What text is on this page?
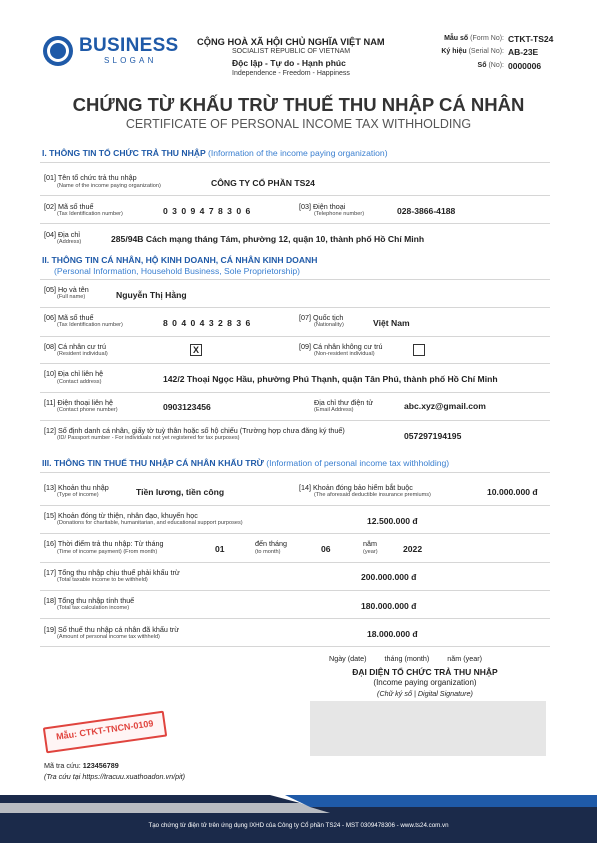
BUSINESS
SLOGAN
CỘNG HOÀ XÃ HỘI CHỦ NGHĨA VIỆT NAM
SOCIALIST REPUBLIC OF VIETNAM
Độc lập - Tự do - Hạnh phúc
Independence - Freedom - Happiness
Mẫu số (Form No): CTKT-TS24
Ký hiệu (Serial No): AB-23E
Số (No): 0000006
CHỨNG TỪ KHẤU TRỪ THUẾ THU NHẬP CÁ NHÂN
CERTIFICATE OF PERSONAL INCOME TAX WITHHOLDING
I. THÔNG TIN TỔ CHỨC TRẢ THU NHẬP (Information of the income paying organization)
[01] Tên tổ chức trả thu nhập
(Name of the income paying organization)	CÔNG TY CỔ PHẦN TS24
[02] Mã số thuế
(Tax Identification number)	0 3 0 9 4 7 8 3 0 6	[03] Điện thoại
(Telephone number)	028-3866-4188
[04] Địa chỉ
(Address)	285/94B Cách mạng tháng Tám, phường 12, quận 10, thành phố Hồ Chí Minh
II. THÔNG TIN CÁ NHÂN, HỘ KINH DOANH, CÁ NHÂN KINH DOANH
(Personal Information, Household Business, Sole Proprietorship)
[05] Họ và tên
(Full name)	Nguyễn Thị Hằng
[06] Mã số thuế
(Tax Identification number)	8 0 4 0 4 3 2 8 3 6
[07] Quốc tịch
(Nationality)	Việt Nam
[08] Cá nhân cư trú
(Resident individual)	X	[09] Cá nhân không cư trú
(Non-resident individual)
[10] Địa chỉ liên hệ
(Contact address)	142/2 Thoại Ngọc Hầu, phường Phú Thạnh, quận Tân Phú, thành phố Hồ Chí Minh
[11] Điện thoại liên hệ
(Contact phone number)	0903123456	Địa chỉ thư điện tử
(Email Address)	abc.xyz@gmail.com
[12] Số định danh cá nhân, giấy tờ tuỳ thân hoặc số hộ chiếu (Trường hợp chưa đăng ký thuế)
(ID/ Passport number - For individuals not yet registered for tax purposes)	057297194195
III. THÔNG TIN THUẾ THU NHẬP CÁ NHÂN KHẤU TRỪ (Information of personal income tax withholding)
[13] Khoản thu nhập
(Type of income)	Tiền lương, tiền công	[14] Khoản đóng bảo hiểm bắt buộc
(The aforesaid deductible insurance premiums)	10.000.000 đ
[15] Khoản đóng từ thiện, nhân đạo, khuyến học
(Donations for charitable, humanitarian, and educational support purposes)	12.500.000 đ
[16] Thời điểm trả thu nhập: Từ tháng
(Time of income payment) (From month)	01
đến tháng
(to month)	06
năm
(year)	2022
[17] Tổng thu nhập chịu thuế phải khấu trừ
(Total taxable income to be withheld)	200.000.000 đ
[18] Tổng thu nhập tính thuế
(Total tax calculation income)	180.000.000 đ
[19] Số thuế thu nhập cá nhân đã khấu trừ
(Amount of personal income tax withheld)	18.000.000 đ
Ngày (date)         tháng (month)         năm (year)
ĐẠI DIỆN TỔ CHỨC TRẢ THU NHẬP
(Income paying organization)
(Chữ ký số | Digital Signature)
Mẫu: CTKT-TNCN-0109
Mã tra cứu: 123456789
(Tra cứu tại https://tracuu.xuathoadon.vn/pit)
Tạo chứng từ điện tử trên ứng dụng IXHD của Công ty Cổ phần TS24 - MST 0309478306 - www.ts24.com.vn
